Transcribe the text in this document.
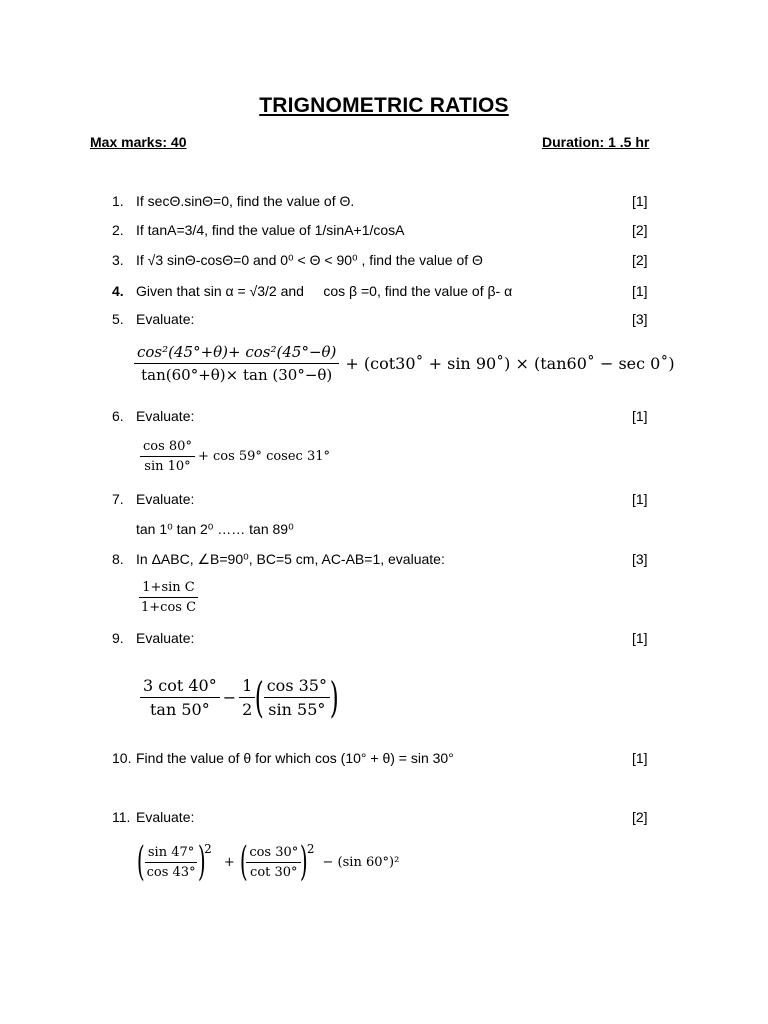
TRIGNOMETRIC RATIOS
Max marks: 40	Duration: 1 .5 hr
1. If secΘ.sinΘ=0, find the value of Θ.	[1]
2. If tanA=3/4, find the value of 1/sinA+1/cosA	[2]
3. If √3 sinΘ-cosΘ=0 and 0⁰ < Θ < 90⁰ , find the value of Θ	[2]
4. Given that sin α = √3/2 and     cos β =0, find the value of β- α	[1]
5. Evaluate:	[3]
$\frac{\text{cos²(45°+θ)+ cos²(45°−θ)}}{\tan(60^\circ+\theta)\times \tan (30^\circ-\theta)}$ + (cot30˚ + sin 90˚) × (tan60˚ − sec 0˚)
6. Evaluate:	[1]
$\frac{\cos 80^\circ}{\sin 10^\circ} + \cos 59^\circ$ cosec 31°
7. Evaluate:	[1]
tan 1⁰ tan 2⁰ …… tan 89⁰
8. In ΔABC, ∠B=90⁰, BC=5 cm, AC-AB=1, evaluate:	[3]
$\frac{\text{1+sin C}}{\text{1+cos C}}$
9. Evaluate:	[1]
$\frac{3 \cot 40^\circ}{\tan 50^\circ} - \frac{1}{2}$ ( $\frac{\cos 35^\circ}{\sin 55^\circ}$ )
10. Find the value of θ for which cos (10° + θ) = sin 30°	[1]
11. Evaluate:	[2]
(
$\frac{\sin 47^\circ}{\cos 43^\circ}$
)
2
+ (
$\frac{\cos 30^\circ}{\cot 30^\circ}$
)
2
− (sin 60°)²
